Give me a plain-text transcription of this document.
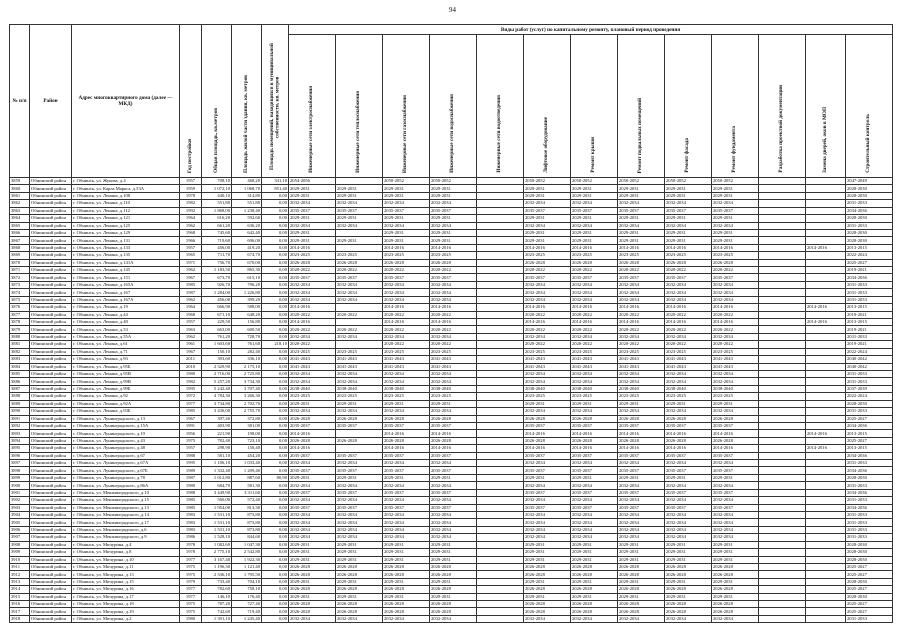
94
№ п/п	Район	Адрес многоквартирного дома (далее — МКД)	Год постройки	Общая площадь, кв.метров	Площадь жилой части здания, кв. метров	Площадь помещений, находящихся в муниципальной собственности, кв. метров	Виды работ (услуг) по капитальному ремонту, плановый период проведения												
							Инженерные сети электроснабжения	Инженерные сети теплоснабжения	Инженерные сети газоснабжения	Инженерные сети водоснабжения	Инженерные сети водоотведения	Лифтовое оборудование	Ремонт крыши	Ремонт подвальных помещений	Ремонт фасада	Ремонт фундамента	Разработка проектной документации	Замена дверей, окон в МОП	Строительный контроль
3859	Обнинский район	г. Обнинск, ул. Жукова, д.4	1957	708,10	468,20	341,10	2054-2056		2050-2052	2050-2052		2050-2052	2050-2052	2050-2052	2050-2052	2050-2052			2047-2049
3860	Обнинский район	г. Обнинск, ул. Карла Маркса, д.53А	1959	1 072,10	1 068,70	851,40	2029-2031	2029-2031	2029-2031	2029-2031		2029-2031	2029-2031	2029-2031	2029-2031	2029-2031			2028-2030
3861	Обнинский район	г. Обнинск, ул. Ленина, д.108	1978	440,10	314,80	0,00	2029-2031	2029-2031	2029-2031	2029-2031		2029-2031	2029-2031	2029-2031	2029-2031	2029-2031			2028-2030
3862	Обнинский район	г. Обнинск, ул. Ленина, д.110	1982	551,80	551,80	0,00	2032-2034	2032-2034	2032-2034	2032-2034		2032-2034	2032-2034	2032-2034	2032-2034	2032-2034			2031-2033
3863	Обнинский район	г. Обнинск, ул. Ленина, д.112	1992	1 868,00	1 238,40	0,00	2035-2037	2035-2037	2035-2037	2035-2037		2035-2037	2035-2037	2035-2037	2035-2037	2035-2037			2034-2036
3864	Обнинский район	г. Обнинск, ул. Ленина, д.121	1964	616,20	592,60	0,00	2029-2031	2029-2031	2029-2031	2029-2031		2029-2031	2029-2031	2029-2031	2029-2031	2029-2031			2028-2030
3865	Обнинский район	г. Обнинск, ул. Ленина, д.125	1962	661,20	636,20	0,00	2032-2034	2032-2034	2032-2034	2032-2034		2032-2034	2032-2034	2032-2034	2032-2034	2032-2034			2031-2033
3866	Обнинский район	г. Обнинск, ул. Ленина, д.129	1968	745,60	642,40	0,00	2029-2031		2029-2031	2029-2031		2029-2031	2029-2031	2029-2031	2029-2031	2029-2031			2028-2030
3867	Обнинский район	г. Обнинск, ул. Ленина, д.131	1966	719,60	696,00	0,00	2029-2031	2029-2031	2029-2031	2029-2031		2029-2031	2029-2031	2029-2031	2029-2031	2029-2031			2028-2030
3868	Обнинский район	г. Обнинск, ул. Ленина, д.133	1957	456,00	419,20	0,00	2014-2016		2014-2016	2014-2016		2014-2016	2014-2016	2014-2016	2014-2016	2014-2016		2014-2016	2013-2015
3869	Обнинский район	г. Обнинск, ул. Ленина, д.135	1965	711,70	674,70	0,00	2023-2025	2023-2025	2023-2025	2023-2025		2023-2025	2023-2025	2023-2025	2023-2025	2023-2025			2022-2024
3870	Обнинский район	г. Обнинск, ул. Ленина, д.141А	1971	756,70	670,00	0,00	2026-2028	2026-2028	2026-2028	2026-2028		2026-2028	2026-2028	2026-2028	2026-2028	2026-2028			2025-2027
3871	Обнинский район	г. Обнинск, ул. Ленина, д.145	1962	1 183,50	865,30	0,00	2020-2022	2020-2022	2020-2022	2020-2022		2020-2022	2020-2022	2020-2022	2020-2022	2020-2022			2019-2021
3872	Обнинский район	г. Обнинск, ул. Ленина, д.151	1967	673,70	615,10	0,00	2035-2037	2035-2037	2035-2037	2035-2037		2035-2037	2035-2037	2035-2037	2035-2037	2035-2037			2034-2036
3873	Обнинский район	г. Обнинск, ул. Ленина, д.165А	1985	926,70	796,20	0,00	2032-2034	2032-2034	2032-2034	2032-2034		2032-2034	2032-2034	2032-2034	2032-2034	2032-2034			2031-2033
3874	Обнинский район	г. Обнинск, ул. Ленина, д.167	1987	1 284,00	1 226,80	0,00	2032-2034	2032-2034	2032-2034	2032-2034		2032-2034	2032-2034	2032-2034	2032-2034	2032-2034			2031-2033
3875	Обнинский район	г. Обнинск, ул. Ленина, д.167А	1962	456,00	399,20	0,00	2032-2034	2032-2034	2032-2034	2032-2034		2032-2034	2032-2034	2032-2034	2032-2034	2032-2034			2031-2033
3876	Обнинский район	г. Обнинск, ул. Ленина, д.19	1964	666,90	588,00	0,00	2014-2016		2014-2016	2014-2016		2014-2016	2014-2016	2014-2016	2014-2016	2014-2016		2014-2016	2013-2015
3877	Обнинский район	г. Обнинск, ул. Ленина, д.44	1968	671,10	648,20	0,00	2020-2022	2020-2022	2020-2022	2020-2022		2020-2022	2020-2022	2020-2022	2020-2022	2020-2022			2019-2021
3878	Обнинский район	г. Обнинск, ул. Ленина, д.48	1957	229,50	156,80	0,00	2014-2016		2014-2016	2014-2016		2014-2016	2014-2016	2014-2016	2014-2016	2014-2016		2014-2016	2013-2015
3879	Обнинский район	г. Обнинск, ул. Ленина, д.53	1963	663,00	600,50	0,00	2020-2022	2020-2022	2020-2022	2020-2022		2020-2022	2020-2022	2020-2022	2020-2022	2020-2022			2019-2021
3880	Обнинский район	г. Обнинск, ул. Ленина, д.55А	1962	761,20	728,70	0,00	2032-2034	2032-2034	2032-2034	2032-2034		2032-2034	2032-2034	2032-2034	2032-2034	2032-2034			2031-2033
3881	Обнинский район	г. Обнинск, ул. Ленина, д.61	1961	1 603,60	761,60	218,10	2020-2022		2020-2022	2020-2022		2020-2022	2020-2022	2020-2022	2020-2022	2020-2022			2019-2021
3882	Обнинский район	г. Обнинск, ул. Ленина, д.71	1967	150,10	282,40	0,00	2023-2025	2023-2025	2023-2025	2023-2025		2023-2025	2023-2025	2023-2025	2023-2025	2023-2025			2022-2024
3883	Обнинский район	г. Обнинск, ул. Ленина, д.93	2011	393,60	336,10	0,00	2041-2043	2041-2043	2041-2043	2041-2043		2041-2043	2041-2043	2041-2043	2041-2043	2041-2043			2040-2042
3884	Обнинский район	г. Обнинск, ул. Ленина, д.95Б	2010	2 329,90	2 175,10	0,00	2041-2043	2041-2043	2041-2043	2041-2043		2041-2043	2041-2043	2041-2043	2041-2043	2041-2043			2040-2042
3885	Обнинский район	г. Обнинск, ул. Ленина, д.95В	1980	2 716,00	2 725,80	0,00	2032-2034	2032-2034	2032-2034	2032-2034		2032-2034	2032-2034	2032-2034	2032-2034	2032-2034			2031-2033
3886	Обнинский район	г. Обнинск, ул. Ленина, д.99В	1982	5 257,20	3 734,30	0,00	2032-2034	2032-2034	2032-2034	2032-2034		2032-2034	2032-2034	2032-2034	2032-2034	2032-2034			2031-2033
3887	Обнинский район	г. Обнинск, ул. Ленина, д.99Б	1995	5 242,40	3 707,40	0,00	2038-2040	2038-2040	2038-2040	2038-2040		2038-2040	2038-2040	2038-2040	2038-2040	2038-2040			2037-2039
3888	Обнинский район	г. Обнинск, ул. Ленина, д.92	1972	4 784,30	3 266,30	0,00	2023-2025	2023-2025	2023-2025	2023-2025		2023-2025	2023-2025	2023-2025	2023-2025	2023-2025			2022-2024
3889	Обнинский район	г. Обнинск, ул. Ленина, д.92А	1977	3 734,80	2 702,70	0,00	2029-2031	2029-2031	2029-2031	2029-2031		2029-2031	2029-2031	2029-2031	2029-2031	2029-2031			2028-2030
3890	Обнинский район	г. Обнинск, ул. Ленина, д.93Б	1985	3 436,00	2 755,70	0,00	2032-2034	2032-2034	2032-2034	2032-2034		2032-2034	2032-2034	2032-2034	2032-2034	2032-2034			2031-2033
3891	Обнинский район	г. Обнинск, ул. Лунинградского, д.13	1967	397,40	372,80	0,00	2026-2028	2026-2028	2026-2028	2026-2028		2026-2028	2026-2028	2026-2028	2026-2028	2026-2028			2025-2027
3892	Обнинский район	г. Обнинск, ул. Лунинградского, д.15А	1991	403,90	381,00	0,00	2035-2037	2035-2037	2035-2037	2035-2037		2035-2037	2035-2037	2035-2037	2035-2037	2035-2037			2034-2036
3893	Обнинский район	г. Обнинск, ул. Лунинградского, д.19	1956	221,90	198,00	0,00	2014-2016		2014-2016	2014-2016		2014-2016	2014-2016	2014-2016	2014-2016	2014-2016		2014-2016	2013-2015
3894	Обнинский район	г. Обнинск, ул. Лунинградского, д.43	1975	782,40	723,10	0,00	2026-2028	2026-2028	2026-2028	2026-2028		2026-2028	2026-2028	2026-2028	2026-2028	2026-2028			2025-2027
3895	Обнинский район	г. Обнинск, ул. Лунинградского, д.48	1957	298,90	150,40	0,00	2014-2016		2014-2016	2014-2016		2014-2016	2014-2016	2014-2016	2014-2016	2014-2016		2014-2016	2013-2015
3896	Обнинский район	г. Обнинск, ул. Лунинградского, д.67	1988	581,10	454,20	0,00	2035-2037	2035-2037	2035-2037	2035-2037		2035-2037	2035-2037	2035-2037	2035-2037	2035-2037			2034-2036
3897	Обнинский район	г. Обнинск, ул. Лунинградского, д.67А	1995	1 106,10	1 033,40	0,00	2032-2034	2032-2034	2032-2034	2032-2034		2032-2034	2032-2034	2032-2034	2032-2034	2032-2034			2031-2033
3898	Обнинский район	г. Обнинск, ул. Лунинградского, д.67Б	1989	1 332,40	1 209,40	0,00	2035-2037	2035-2037	2035-2037	2035-2037		2035-2037	2035-2037	2035-2037	2035-2037	2035-2037			2034-2036
3899	Обнинский район	г. Обнинск, ул. Лунинградского, д.78	1987	1 012,80	887,60	80,90	2029-2031	2029-2031	2029-2031	2029-2031		2029-2031	2029-2031	2029-2031	2029-2031	2029-2031			2028-2030
3900	Обнинский район	г. Обнинск, ул. Лунинградского, д.86А	1980	684,70	581,30	0,00	2032-2034	2032-2034	2032-2034	2032-2034		2032-2034	2032-2034	2032-2034	2032-2034	2032-2034			2031-2033
3901	Обнинский район	г. Обнинск, ул. Менжинградского, д.10	1988	3 449,90	3 311,60	0,00	2035-2037	2035-2037	2035-2037	2035-2037		2035-2037	2035-2037	2035-2037	2035-2037	2035-2037			2034-2036
3902	Обнинский район	г. Обнинск, ул. Менжинградского, д.15	1985	560,00	572,40	0,00	2032-2034	2032-2034	2032-2034	2032-2034		2032-2034	2032-2034	2032-2034	2032-2034	2032-2034			2031-2033
3903	Обнинский район	г. Обнинск, ул. Менжинградского, д.13	1985	1 954,00	813,30	0,00	2035-2037	2035-2037	2035-2037	2035-2037		2035-2037	2035-2037	2035-2037	2035-2037	2035-2037			2034-2036
3904	Обнинский район	г. Обнинск, ул. Менжинградского, д.14	1983	1 531,10	873,80	0,00	2032-2034	2032-2034	2032-2034	2032-2034		2032-2034	2032-2034	2032-2034	2032-2034	2032-2034			2031-2033
3905	Обнинский район	г. Обнинск, ул. Менжинградского, д.17	1983	1 531,10	873,80	0,00	2032-2034	2032-2034	2032-2034	2032-2034		2032-2034	2032-2034	2032-2034	2032-2034	2032-2034			2031-2033
3906	Обнинский район	г. Обнинск, ул. Менжинградского, д.6	1983	1 531,10	873,80	0,00	2032-2034	2032-2034	2032-2034	2032-2034		2032-2034	2032-2034	2032-2034	2032-2034	2032-2034			2031-2033
3907	Обнинский район	г. Обнинск, ул. Менжинградского, д.9	1986	1 528,10	844,60	0,00	2032-2034	2032-2034	2032-2034	2032-2034		2032-2034	2032-2034	2032-2034	2032-2034	2032-2034			2031-2033
3908	Обнинский район	г. Обнинск, ул. Мичурина, д.4	1978	1 082,60	1 047,30	0,00	2029-2031	2029-2031	2029-2031	2029-2031		2029-2031	2029-2031	2029-2031	2029-2031	2029-2031			2028-2030
3909	Обнинский район	г. Обнинск, ул. Мичурина, д.8	1978	2 775,10	2 542,80	0,00	2029-2031	2029-2031	2029-2031	2029-2031		2029-2031	2029-2031	2029-2031	2029-2031	2029-2031			2028-2030
3910	Обнинский район	г. Обнинск, ул. Мичурина, д.10	1977	3 167,40	1 922,30	0,00	2029-2031	2029-2031	2029-2031	2029-2031		2029-2031	2029-2031	2029-2031	2029-2031	2029-2031			2028-2030
3911	Обнинский район	г. Обнинск, ул. Мичурина, д.11	1975	1 196,30	1 121,40	0,00	2026-2028	2026-2028	2026-2028	2026-2028		2026-2028	2026-2028	2026-2028	2026-2028	2026-2028			2025-2027
3912	Обнинский район	г. Обнинск, ул. Мичурина, д.13	1975	2 336,10	1 795,50	0,00	2026-2028	2026-2028	2026-2028	2026-2028		2026-2028	2026-2028	2026-2028	2026-2028	2026-2028			2025-2027
3913	Обнинский район	г. Обнинск, ул. Мичурина, д.15	1979	733,40	704,10	0,00	2029-2031	2029-2031	2029-2031	2029-2031		2029-2031	2029-2031	2029-2031	2029-2031	2029-2031			2028-2030
3914	Обнинский район	г. Обнинск, ул. Мичурина, д.16	1977	782,60	758,10	0,00	2026-2028	2026-2028	2026-2028	2026-2028		2026-2028	2026-2028	2026-2028	2026-2028	2026-2028			2025-2027
3915	Обнинский район	г. Обнинск, ул. Мичурина, д.17	1977	146,10	176,40	0,00	2029-2031	2029-2031	2029-2031	2029-2031		2029-2031	2029-2031	2029-2031	2029-2031	2029-2031			2028-2030
3916	Обнинский район	г. Обнинск, ул. Мичурина, д.18	1975	787,20	727,40	0,00	2026-2028	2026-2028	2026-2028	2026-2028		2026-2028	2026-2028	2026-2028	2026-2028	2026-2028			2025-2027
3917	Обнинский район	г. Обнинск, ул. Мичурина, д.19	1975	742,60	719,40	0,00	2026-2028	2026-2028	2026-2028	2026-2028		2026-2028	2026-2028	2026-2028	2026-2028	2026-2028			2025-2027
3918	Обнинский район	г. Обнинск, ул. Мичурина, д.2	1980	1 391,10	1 245,40	0,00	2032-2034	2032-2034	2032-2034	2032-2034		2032-2034	2032-2034	2032-2034	2032-2034	2032-2034			2031-2033
